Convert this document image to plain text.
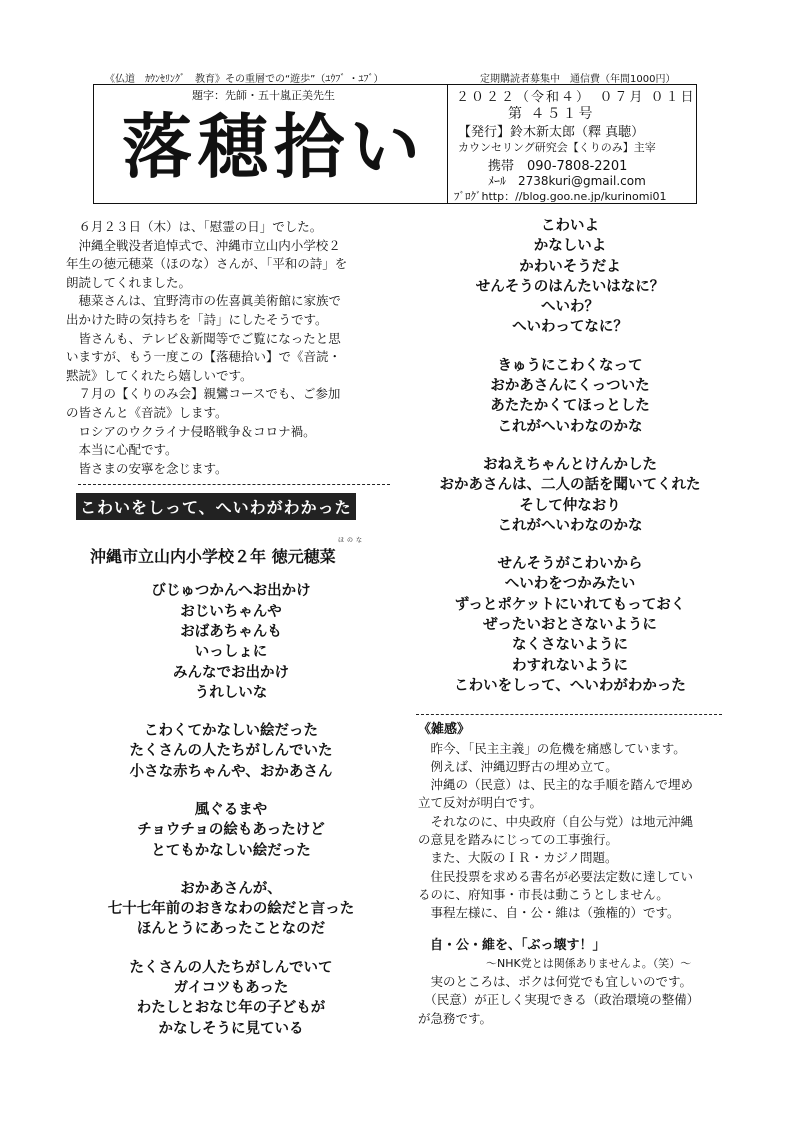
《仏道　ｶｳﾝｾﾘﾝｸﾞ　教育》その重層での“遊歩”（ﾕｳﾌﾞ ・ﾕﾌﾞ）	定期購読者募集中　通信費（年間1000円）
題字：先師・五十嵐正美先生
落穂拾い
２０２２（令和４）　０７月 ０１日
第 ４５１号
【発行】鈴木新太郎（釋 真聴）
カウンセリング研究会【くりのみ】主宰
携帯　090-7808-2201
ﾒｰﾙ　2738kuri@gmail.com
ﾌﾞﾛｸﾞhttp：//blog.goo.ne.jp/kurinomi01

　６月２３日（木）は、「慰霊の日」でした。

　沖縄全戦没者追悼式で、沖縄市立山内小学校２

年生の徳元穂菜（ほのな）さんが、「平和の詩」を

朗読してくれました。

　穂菜さんは、宜野湾市の佐喜眞美術館に家族で

出かけた時の気持ちを「詩」にしたそうです。

　皆さんも、テレビ＆新聞等でご覧になったと思

いますが、もう一度この【落穂拾い】で《音読・

黙読》してくれたら嬉しいです。

　７月の【くりのみ会】親鸞コースでも、ご参加

の皆さんと《音読》します。

　ロシアのウクライナ侵略戦争＆コロナ禍。

　本当に心配です。

　皆さまの安寧を念じます。

こわいをしって、へいわがわかった
沖縄市立山内小学校２年 徳元穂菜
ほのな

びじゅつかんへお出かけ

おじいちゃんや

おばあちゃんも

いっしょに

みんなでお出かけ

うれしいな

こわくてかなしい絵だった

たくさんの人たちがしんでいた

小さな赤ちゃんや、おかあさん

風ぐるまや

チョウチョの絵もあったけど

とてもかなしい絵だった

おかあさんが、

七十七年前のおきなわの絵だと言った

ほんとうにあったことなのだ

たくさんの人たちがしんでいて

ガイコツもあった

わたしとおなじ年の子どもが

かなしそうに見ている

こわいよ

かなしいよ

かわいそうだよ

せんそうのはんたいはなに？

へいわ？

へいわってなに？

きゅうにこわくなって

おかあさんにくっついた

あたたかくてほっとした

これがへいわなのかな

おねえちゃんとけんかした

おかあさんは、二人の話を聞いてくれた

そして仲なおり

これがへいわなのかな

せんそうがこわいから

へいわをつかみたい

ずっとポケットにいれてもっておく

ぜったいおとさないように

なくさないように

わすれないように

こわいをしって、へいわがわかった

《雑感》

　昨今、「民主主義」の危機を痛感しています。

　例えば、沖縄辺野古の埋め立て。

　沖縄の（民意）は、民主的な手順を踏んで埋め

立て反対が明白です。

　それなのに、中央政府（自公与党）は地元沖縄

の意見を踏みにじっての工事強行。

　また、大阪のＩＲ・カジノ問題。

　住民投票を求める書名が必要法定数に達してい

るのに、府知事・市長は動こうとしません。

　事程左様に、自・公・維は（強権的）です。

自・公・維を、「ぶっ壊す！」

～NHK党とは関係ありませんよ。（笑）～

　実のところは、ボクは何党でも宜しいのです。

　（民意）が正しく実現できる（政治環境の整備）

が急務です。
